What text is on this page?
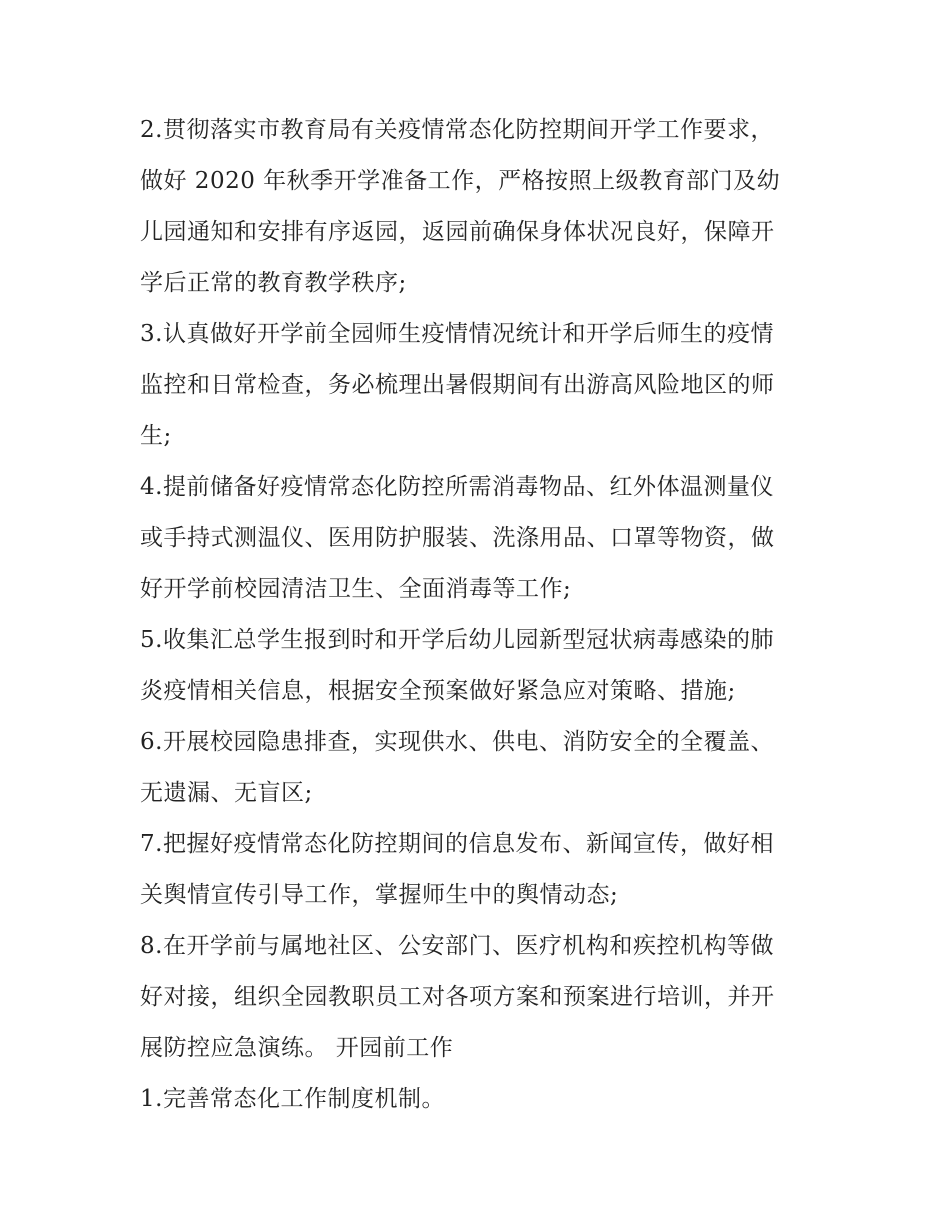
2.贯彻落实市教育局有关疫情常态化防控期间开学工作要求，
做好 2020 年秋季开学准备工作，严格按照上级教育部门及幼
儿园通知和安排有序返园，返园前确保身体状况良好，保障开
学后正常的教育教学秩序;
3.认真做好开学前全园师生疫情情况统计和开学后师生的疫情
监控和日常检查，务必梳理出暑假期间有出游高风险地区的师
生;
4.提前储备好疫情常态化防控所需消毒物品、红外体温测量仪
或手持式测温仪、医用防护服装、洗涤用品、口罩等物资，做
好开学前校园清洁卫生、全面消毒等工作;
5.收集汇总学生报到时和开学后幼儿园新型冠状病毒感染的肺
炎疫情相关信息，根据安全预案做好紧急应对策略、措施;
6.开展校园隐患排查，实现供水、供电、消防安全的全覆盖、
无遗漏、无盲区;
7.把握好疫情常态化防控期间的信息发布、新闻宣传，做好相
关舆情宣传引导工作，掌握师生中的舆情动态;
8.在开学前与属地社区、公安部门、医疗机构和疾控机构等做
好对接，组织全园教职员工对各项方案和预案进行培训，并开
展防控应急演练。 开园前工作
1.完善常态化工作制度机制。
